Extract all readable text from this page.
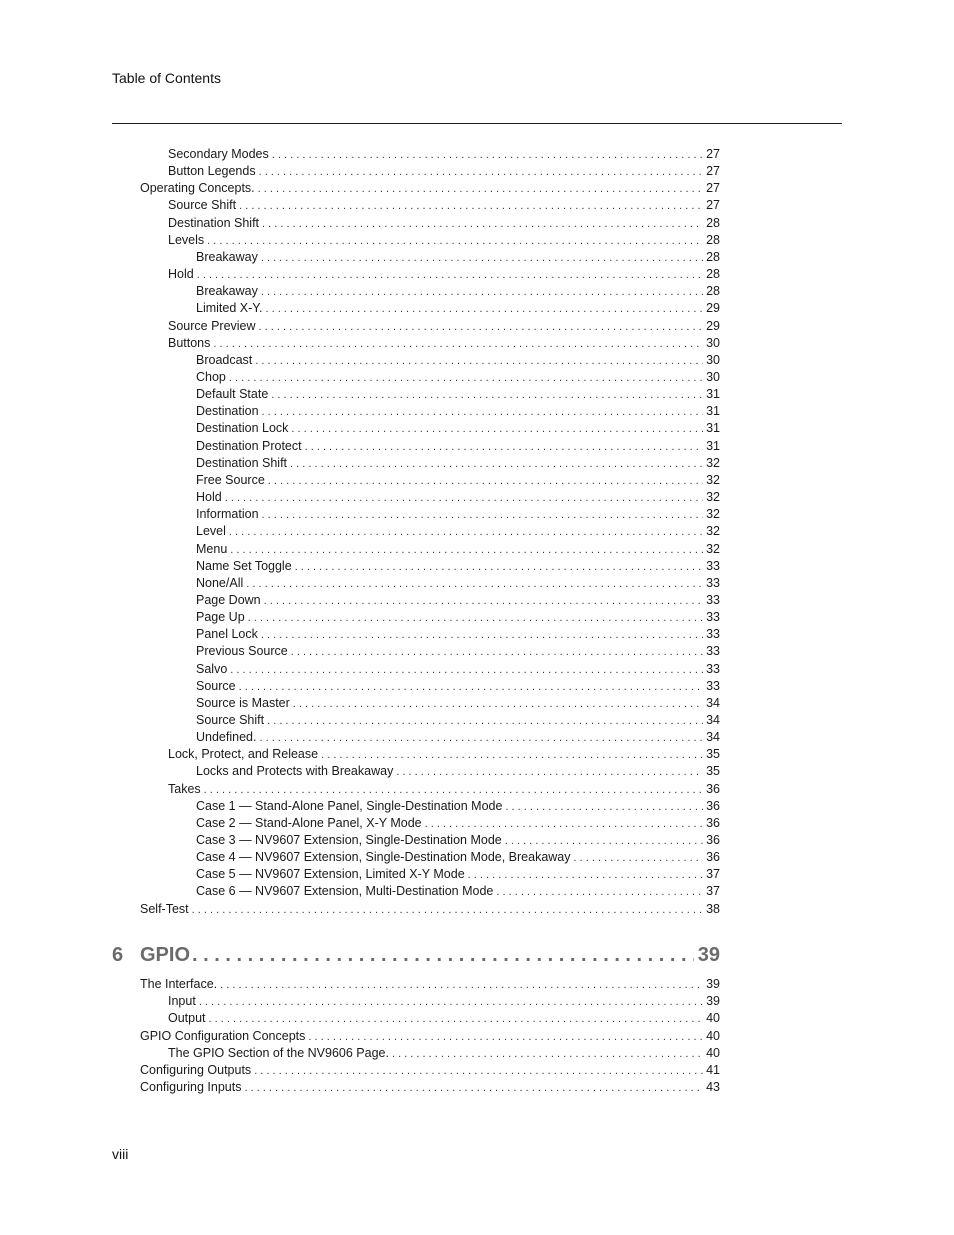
Table of Contents
Secondary Modes . . .	27
Button Legends . . .	27
Operating Concepts. . . .	27
Source Shift . . .	27
Destination Shift . . .	28
Levels . . .	28
Breakaway . . .	28
Hold . . .	28
Breakaway . . .	28
Limited X-Y. . . .	29
Source Preview . . .	29
Buttons . . .	30
Broadcast . . .	30
Chop . . .	30
Default State . . .	31
Destination . . .	31
Destination Lock . . .	31
Destination Protect . . .	31
Destination Shift . . .	32
Free Source . . .	32
Hold . . .	32
Information . . .	32
Level . . .	32
Menu . . .	32
Name Set Toggle . . .	33
None/All . . .	33
Page Down . . .	33
Page Up . . .	33
Panel Lock . . .	33
Previous Source . . .	33
Salvo . . .	33
Source . . .	33
Source is Master . . .	34
Source Shift . . .	34
Undefined. . . .	34
Lock, Protect, and Release . . .	35
Locks and Protects with Breakaway . . .	35
Takes . . .	36
Case 1 — Stand-Alone Panel, Single-Destination Mode . . .	36
Case 2 — Stand-Alone Panel, X-Y Mode . . .	36
Case 3 — NV9607 Extension, Single-Destination Mode . . .	36
Case 4 — NV9607 Extension, Single-Destination Mode, Breakaway . . .	36
Case 5 — NV9607 Extension, Limited X-Y Mode . . .	37
Case 6 — NV9607 Extension, Multi-Destination Mode . . .	37
Self-Test . . .	38
The Interface. . . .	39
Input . . .	39
Output . . .	40
GPIO Configuration Concepts . . .	40
The GPIO Section of the NV9606 Page. . . .	40
Configuring Outputs . . .	41
Configuring Inputs . . .	43
6 GPIO . . .	39
viii
